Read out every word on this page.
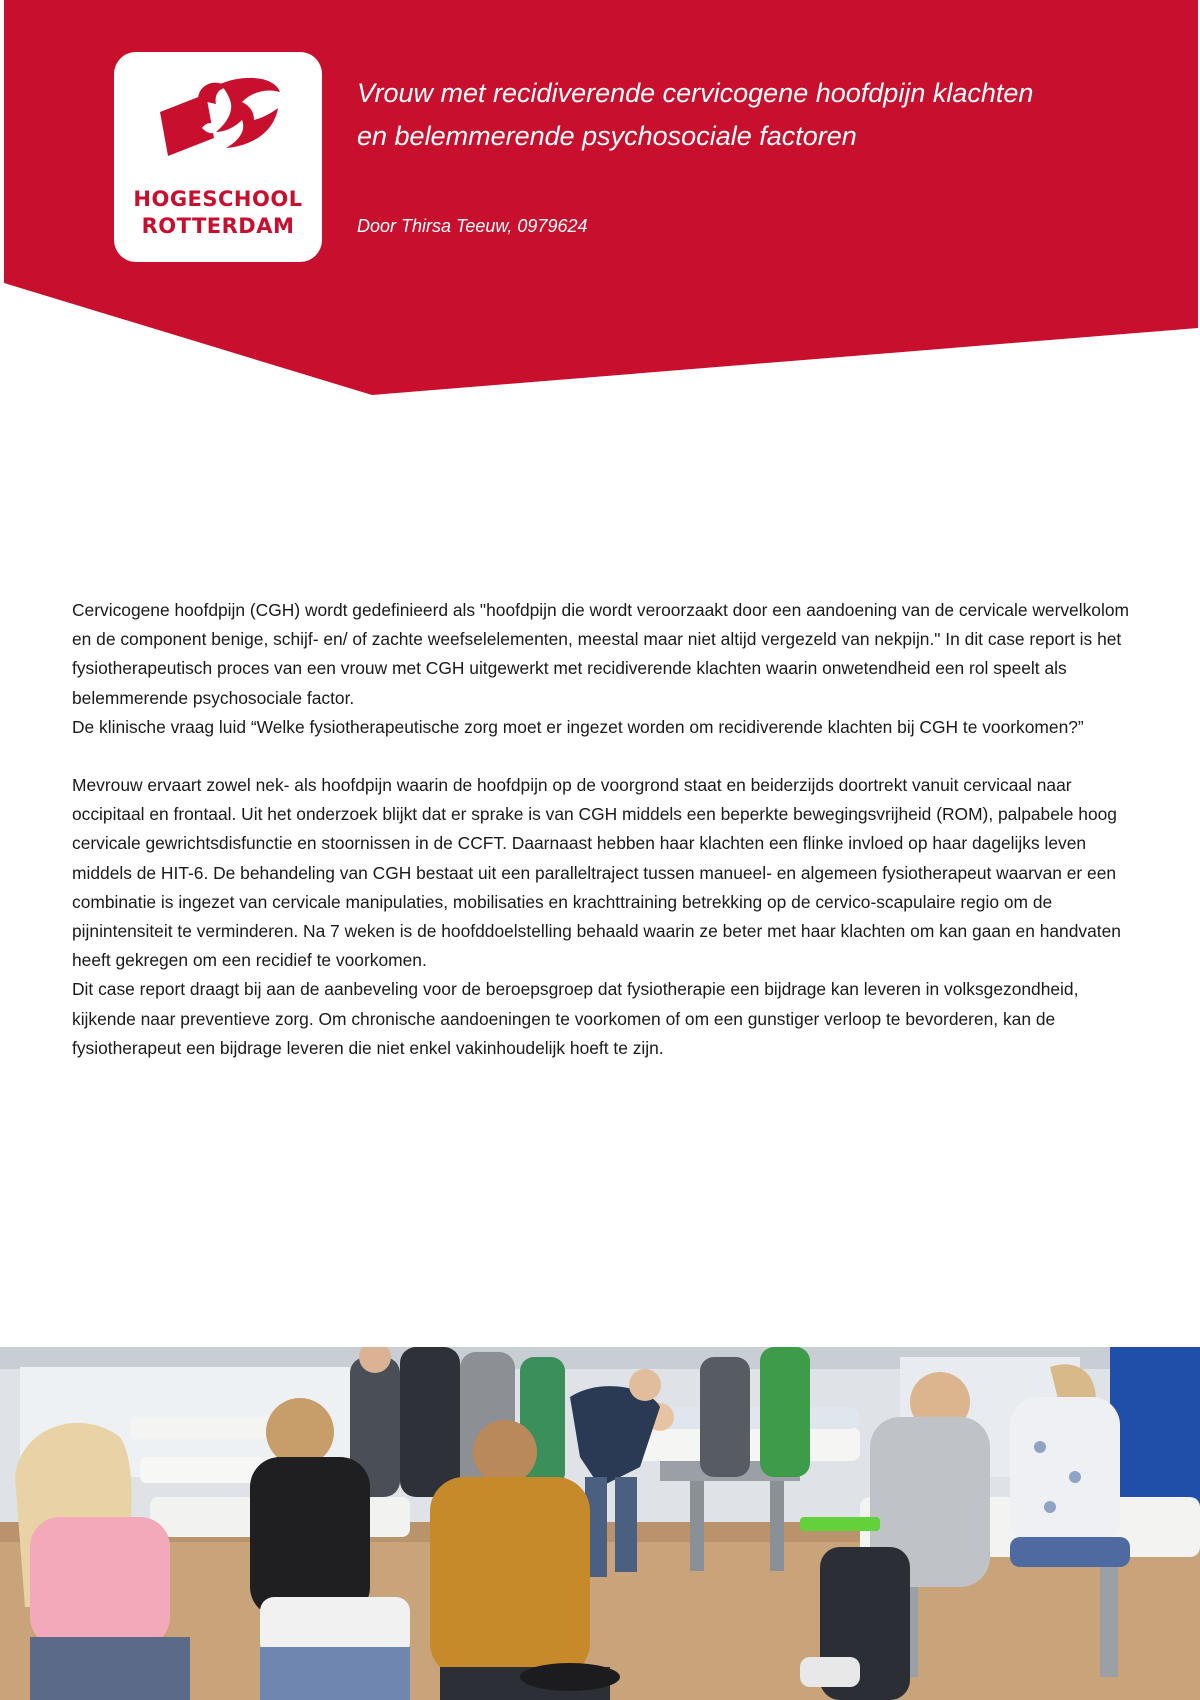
HOGESCHOOL
ROTTERDAM
Vrouw met recidiverende cervicogene hoofdpijn klachten
en belemmerende psychosociale factoren
Door Thirsa Teeuw, 0979624

Cervicogene hoofdpijn (CGH) wordt gedefinieerd als "hoofdpijn die wordt veroorzaakt door een aandoening van de cervicale wervelkolom en de component benige, schijf- en/ of zachte weefselelementen, meestal maar niet altijd vergezeld van nekpijn." In dit case report is het fysiotherapeutisch proces van een vrouw met CGH uitgewerkt met recidiverende klachten waarin onwetendheid een rol speelt als belemmerende psychosociale factor.

De klinische vraag luid “Welke fysiotherapeutische zorg moet er ingezet worden om recidiverende klachten bij CGH te voorkomen?”

Mevrouw ervaart zowel nek- als hoofdpijn waarin de hoofdpijn op de voorgrond staat en beiderzijds doortrekt vanuit cervicaal naar occipitaal en frontaal. Uit het onderzoek blijkt dat er sprake is van CGH middels een beperkte bewegingsvrijheid (ROM), palpabele hoog cervicale gewrichtsdisfunctie en stoornissen in de CCFT. Daarnaast hebben haar klachten een flinke invloed op haar dagelijks leven middels de HIT-6. De behandeling van CGH bestaat uit een paralleltraject tussen manueel- en algemeen fysiotherapeut waarvan er een combinatie is ingezet van cervicale manipulaties, mobilisaties en krachttraining betrekking op de cervico-scapulaire regio om de pijnintensiteit te verminderen. Na 7 weken is de hoofddoelstelling behaald waarin ze beter met haar klachten om kan gaan en handvaten heeft gekregen om een recidief te voorkomen.

Dit case report draagt bij aan de aanbeveling voor de beroepsgroep dat fysiotherapie een bijdrage kan leveren in volksgezondheid, kijkende naar preventieve zorg. Om chronische aandoeningen te voorkomen of om een gunstiger verloop te bevorderen, kan de fysiotherapeut een bijdrage leveren die niet enkel vakinhoudelijk hoeft te zijn.
